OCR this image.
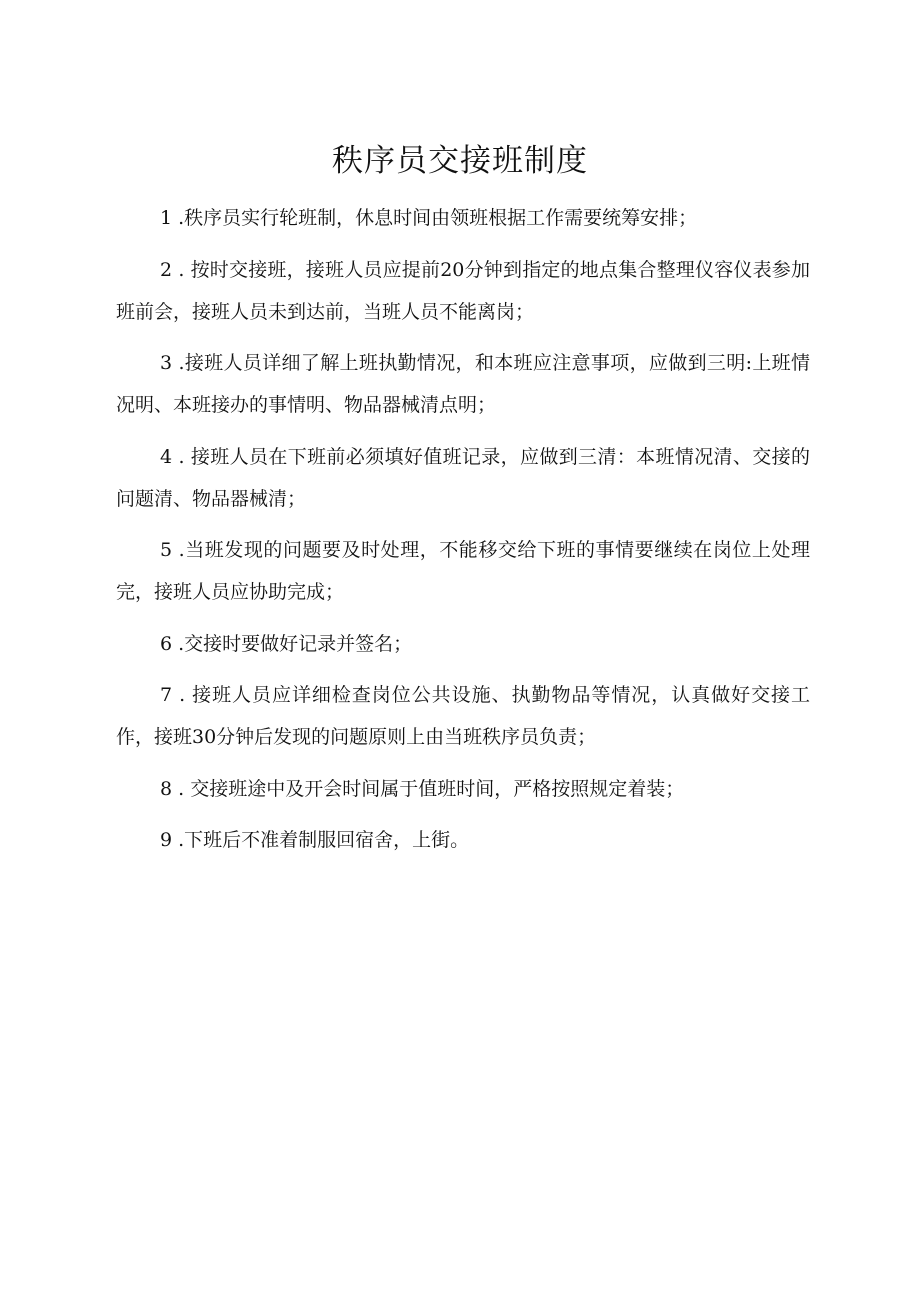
秩序员交接班制度

1 .秩序员实行轮班制，休息时间由领班根据工作需要统筹安排；

2 . 按时交接班，接班人员应提前20分钟到指定的地点集合整理仪容仪表参加班前会，接班人员未到达前，当班人员不能离岗；

3 .接班人员详细了解上班执勤情况，和本班应注意事项，应做到三明:上班情况明、本班接办的事情明、物品器械清点明；

4 . 接班人员在下班前必须填好值班记录，应做到三清：本班情况清、交接的问题清、物品器械清；

5 .当班发现的问题要及时处理，不能移交给下班的事情要继续在岗位上处理完，接班人员应协助完成；

6 .交接时要做好记录并签名；

7 . 接班人员应详细检查岗位公共设施、执勤物品等情况，认真做好交接工作，接班30分钟后发现的问题原则上由当班秩序员负责；

8 . 交接班途中及开会时间属于值班时间，严格按照规定着装；

9 .下班后不准着制服回宿舍，上街。
